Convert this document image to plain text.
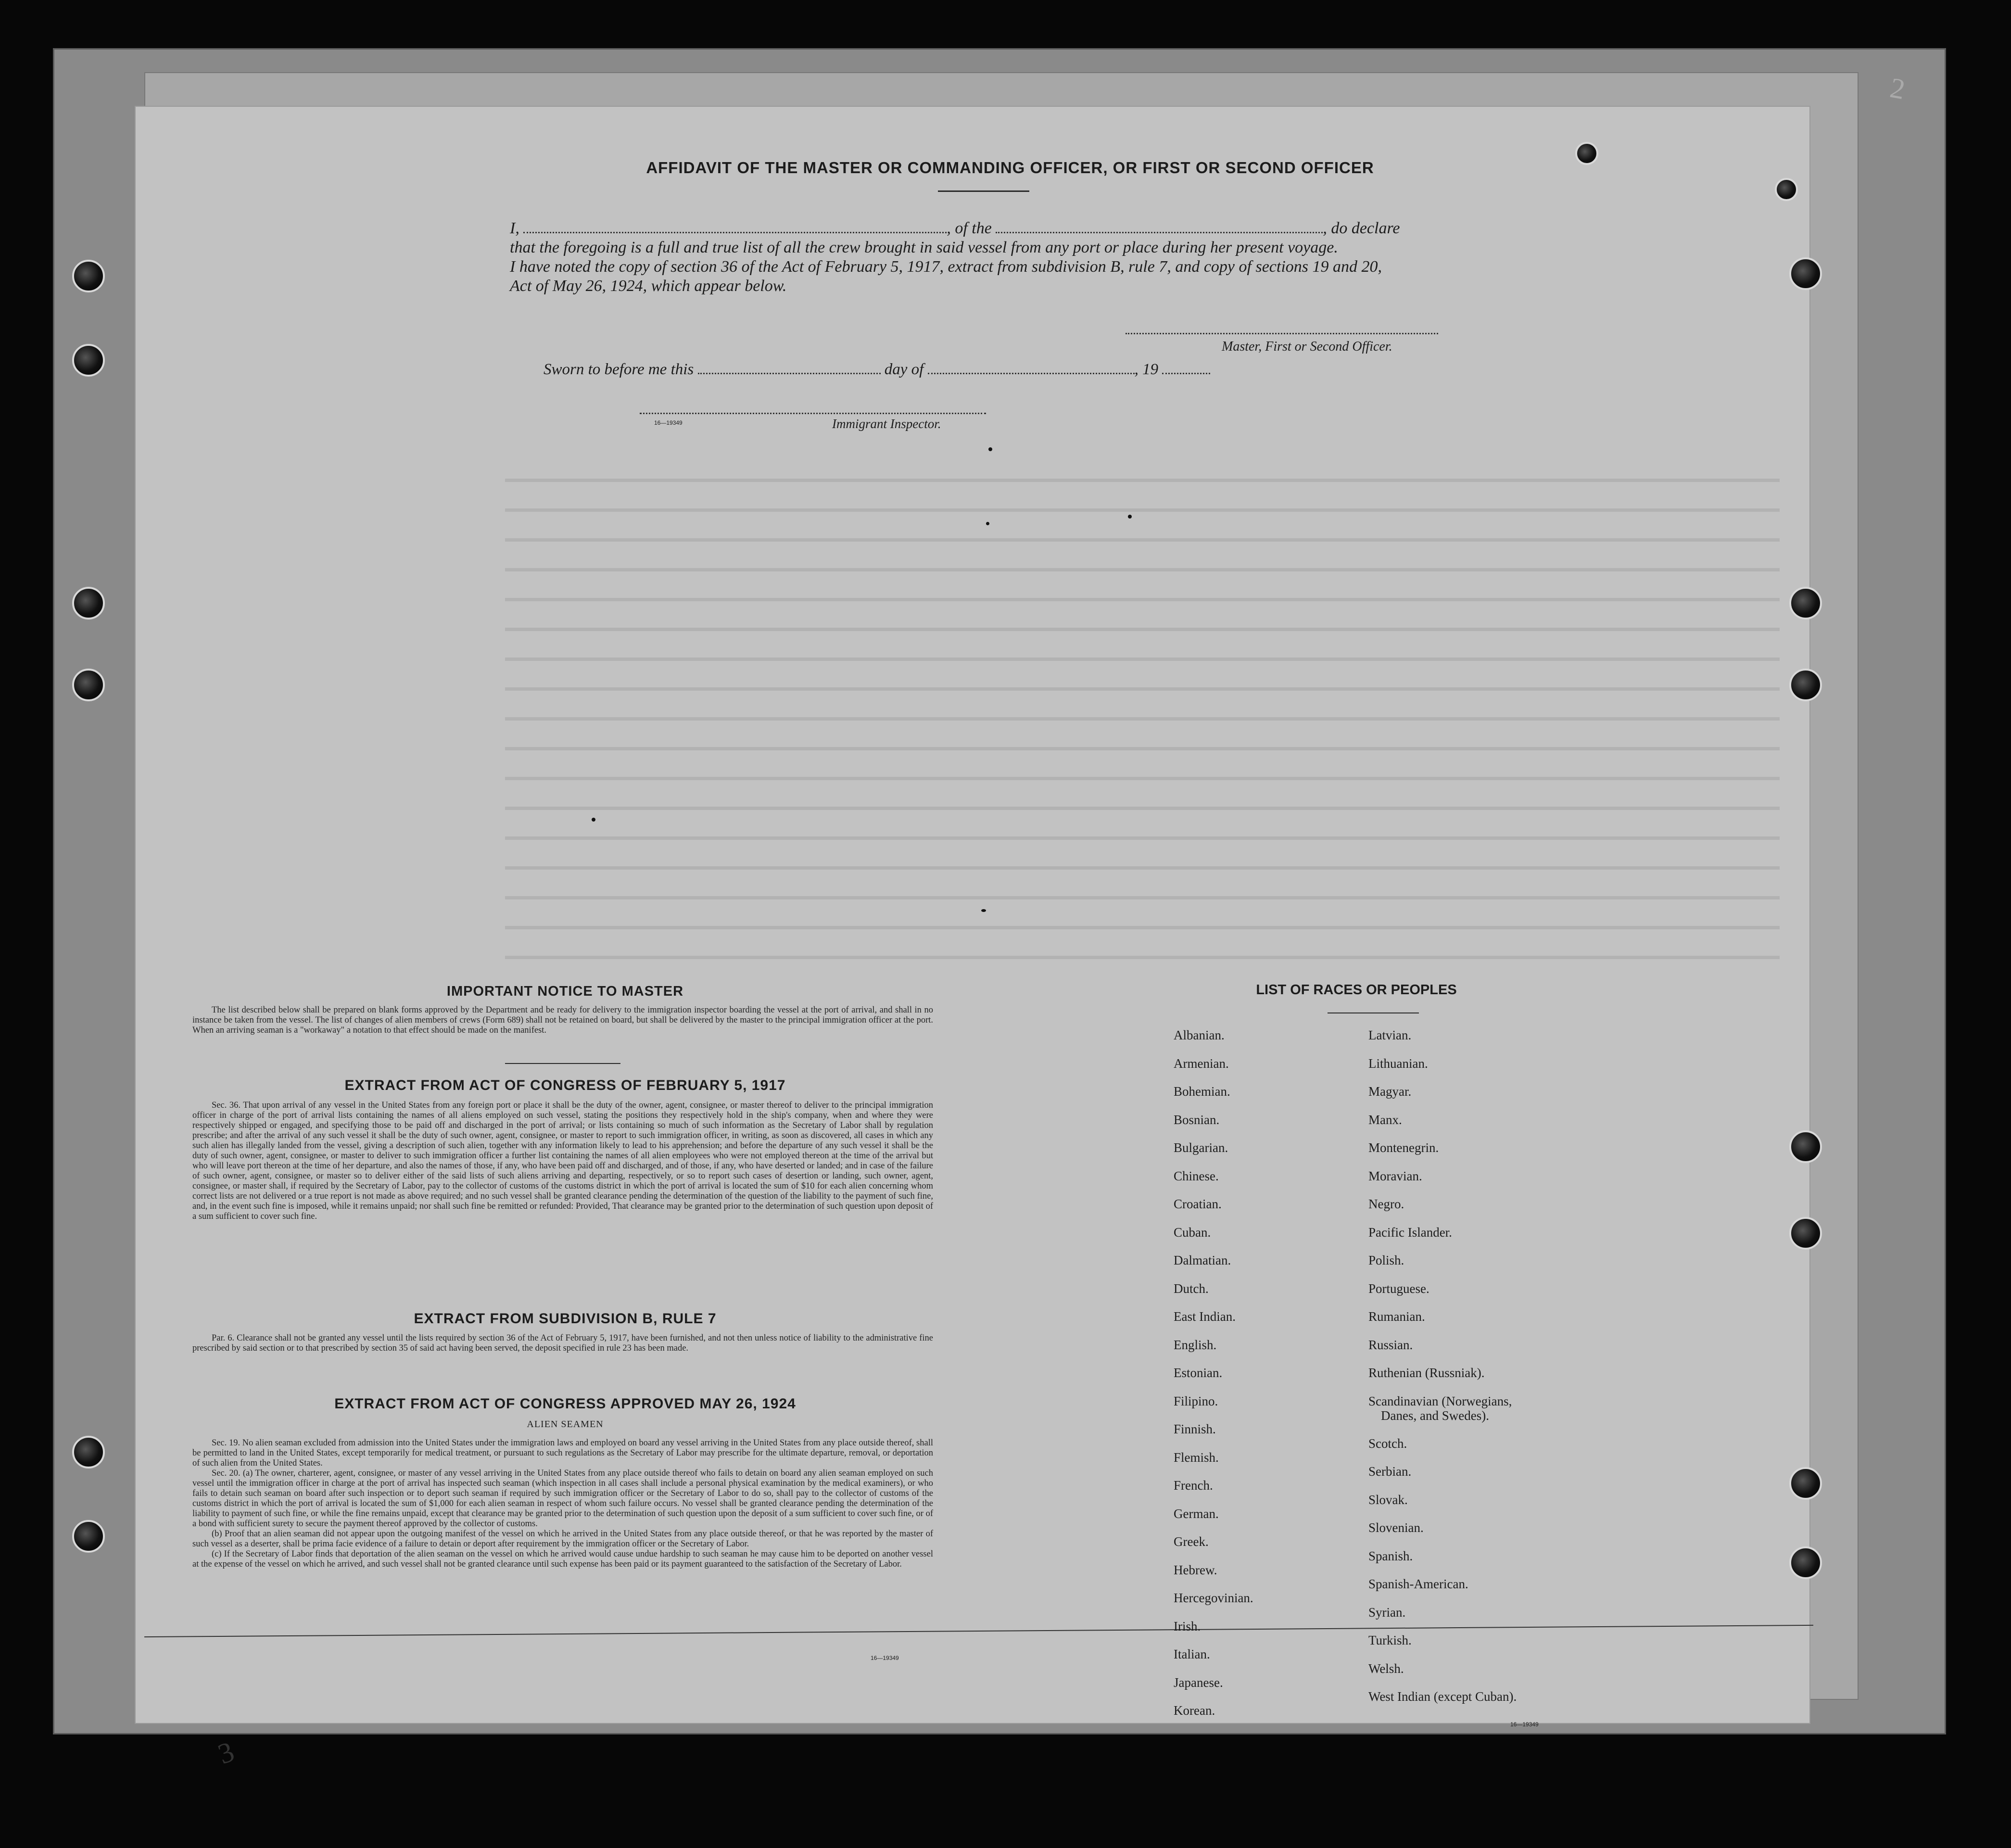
AFFIDAVIT OF THE MASTER OR COMMANDING OFFICER, OR FIRST OR SECOND OFFICER

I,	, of the	, do declare

that the foregoing is a full and true list of all the crew brought in said vessel from any port or place during her present voyage.

I have noted the copy of section 36 of the Act of February 5, 1917, extract from subdivision B, rule 7, and copy of sections 19 and 20,

Act of May 26, 1924, which appear below.

Master, First or Second Officer.
Sworn to before me this	day of	, 19
16—19349	Immigrant Inspector.
IMPORTANT NOTICE TO MASTER

The list described below shall be prepared on blank forms approved by the Department and be ready for delivery to the immigration inspector boarding the vessel at the port of arrival, and shall in no instance be taken from the vessel. The list of changes of alien members of crews (Form 689) shall not be retained on board, but shall be delivered by the master to the principal immigration officer at the port. When an arriving seaman is a "workaway" a notation to that effect should be made on the manifest.

EXTRACT FROM ACT OF CONGRESS OF FEBRUARY 5, 1917

Sec. 36. That upon arrival of any vessel in the United States from any foreign port or place it shall be the duty of the owner, agent, consignee, or master thereof to deliver to the principal immigration officer in charge of the port of arrival lists containing the names of all aliens employed on such vessel, stating the positions they respectively hold in the ship's company, when and where they were respectively shipped or engaged, and specifying those to be paid off and discharged in the port of arrival; or lists containing so much of such information as the Secretary of Labor shall by regulation prescribe; and after the arrival of any such vessel it shall be the duty of such owner, agent, consignee, or master to report to such immigration officer, in writing, as soon as discovered, all cases in which any such alien has illegally landed from the vessel, giving a description of such alien, together with any information likely to lead to his apprehension; and before the departure of any such vessel it shall be the duty of such owner, agent, consignee, or master to deliver to such immigration officer a further list containing the names of all alien employees who were not employed thereon at the time of the arrival but who will leave port thereon at the time of her departure, and also the names of those, if any, who have been paid off and discharged, and of those, if any, who have deserted or landed; and in case of the failure of such owner, agent, consignee, or master so to deliver either of the said lists of such aliens arriving and departing, respectively, or so to report such cases of desertion or landing, such owner, agent, consignee, or master shall, if required by the Secretary of Labor, pay to the collector of customs of the customs district in which the port of arrival is located the sum of $10 for each alien concerning whom correct lists are not delivered or a true report is not made as above required; and no such vessel shall be granted clearance pending the determination of the question of the liability to the payment of such fine, and, in the event such fine is imposed, while it remains unpaid; nor shall such fine be remitted or refunded: Provided, That clearance may be granted prior to the determination of such question upon deposit of a sum sufficient to cover such fine.

EXTRACT FROM SUBDIVISION B, RULE 7

Par. 6. Clearance shall not be granted any vessel until the lists required by section 36 of the Act of February 5, 1917, have been furnished, and not then unless notice of liability to the administrative fine prescribed by said section or to that prescribed by section 35 of said act having been served, the deposit specified in rule 23 has been made.

EXTRACT FROM ACT OF CONGRESS APPROVED MAY 26, 1924
ALIEN SEAMEN

Sec. 19. No alien seaman excluded from admission into the United States under the immigration laws and employed on board any vessel arriving in the United States from any place outside thereof, shall be permitted to land in the United States, except temporarily for medical treatment, or pursuant to such regulations as the Secretary of Labor may prescribe for the ultimate departure, removal, or deportation of such alien from the United States.

Sec. 20. (a) The owner, charterer, agent, consignee, or master of any vessel arriving in the United States from any place outside thereof who fails to detain on board any alien seaman employed on such vessel until the immigration officer in charge at the port of arrival has inspected such seaman (which inspection in all cases shall include a personal physical examination by the medical examiners), or who fails to detain such seaman on board after such inspection or to deport such seaman if required by such immigration officer or the Secretary of Labor to do so, shall pay to the collector of customs of the customs district in which the port of arrival is located the sum of $1,000 for each alien seaman in respect of whom such failure occurs. No vessel shall be granted clearance pending the determination of the liability to payment of such fine, or while the fine remains unpaid, except that clearance may be granted prior to the determination of such question upon the deposit of a sum sufficient to cover such fine, or of a bond with sufficient surety to secure the payment thereof approved by the collector of customs.

(b) Proof that an alien seaman did not appear upon the outgoing manifest of the vessel on which he arrived in the United States from any place outside thereof, or that he was reported by the master of such vessel as a deserter, shall be prima facie evidence of a failure to detain or deport after requirement by the immigration officer or the Secretary of Labor.

(c) If the Secretary of Labor finds that deportation of the alien seaman on the vessel on which he arrived would cause undue hardship to such seaman he may cause him to be deported on another vessel at the expense of the vessel on which he arrived, and such vessel shall not be granted clearance until such expense has been paid or its payment guaranteed to the satisfaction of the Secretary of Labor.

16—19349
LIST OF RACES OR PEOPLES
Albanian.
Armenian.
Bohemian.
Bosnian.
Bulgarian.
Chinese.
Croatian.
Cuban.
Dalmatian.
Dutch.
East Indian.
English.
Estonian.
Filipino.
Finnish.
Flemish.
French.
German.
Greek.
Hebrew.
Hercegovinian.
Irish.
Italian.
Japanese.
Korean.
Latvian.
Lithuanian.
Magyar.
Manx.
Montenegrin.
Moravian.
Negro.
Pacific Islander.
Polish.
Portuguese.
Rumanian.
Russian.
Ruthenian (Russniak).
Scandinavian (Norwegians,
Danes, and Swedes).
Scotch.
Serbian.
Slovak.
Slovenian.
Spanish.
Spanish-American.
Syrian.
Turkish.
Welsh.
West Indian (except Cuban).
16—19349
3
2
